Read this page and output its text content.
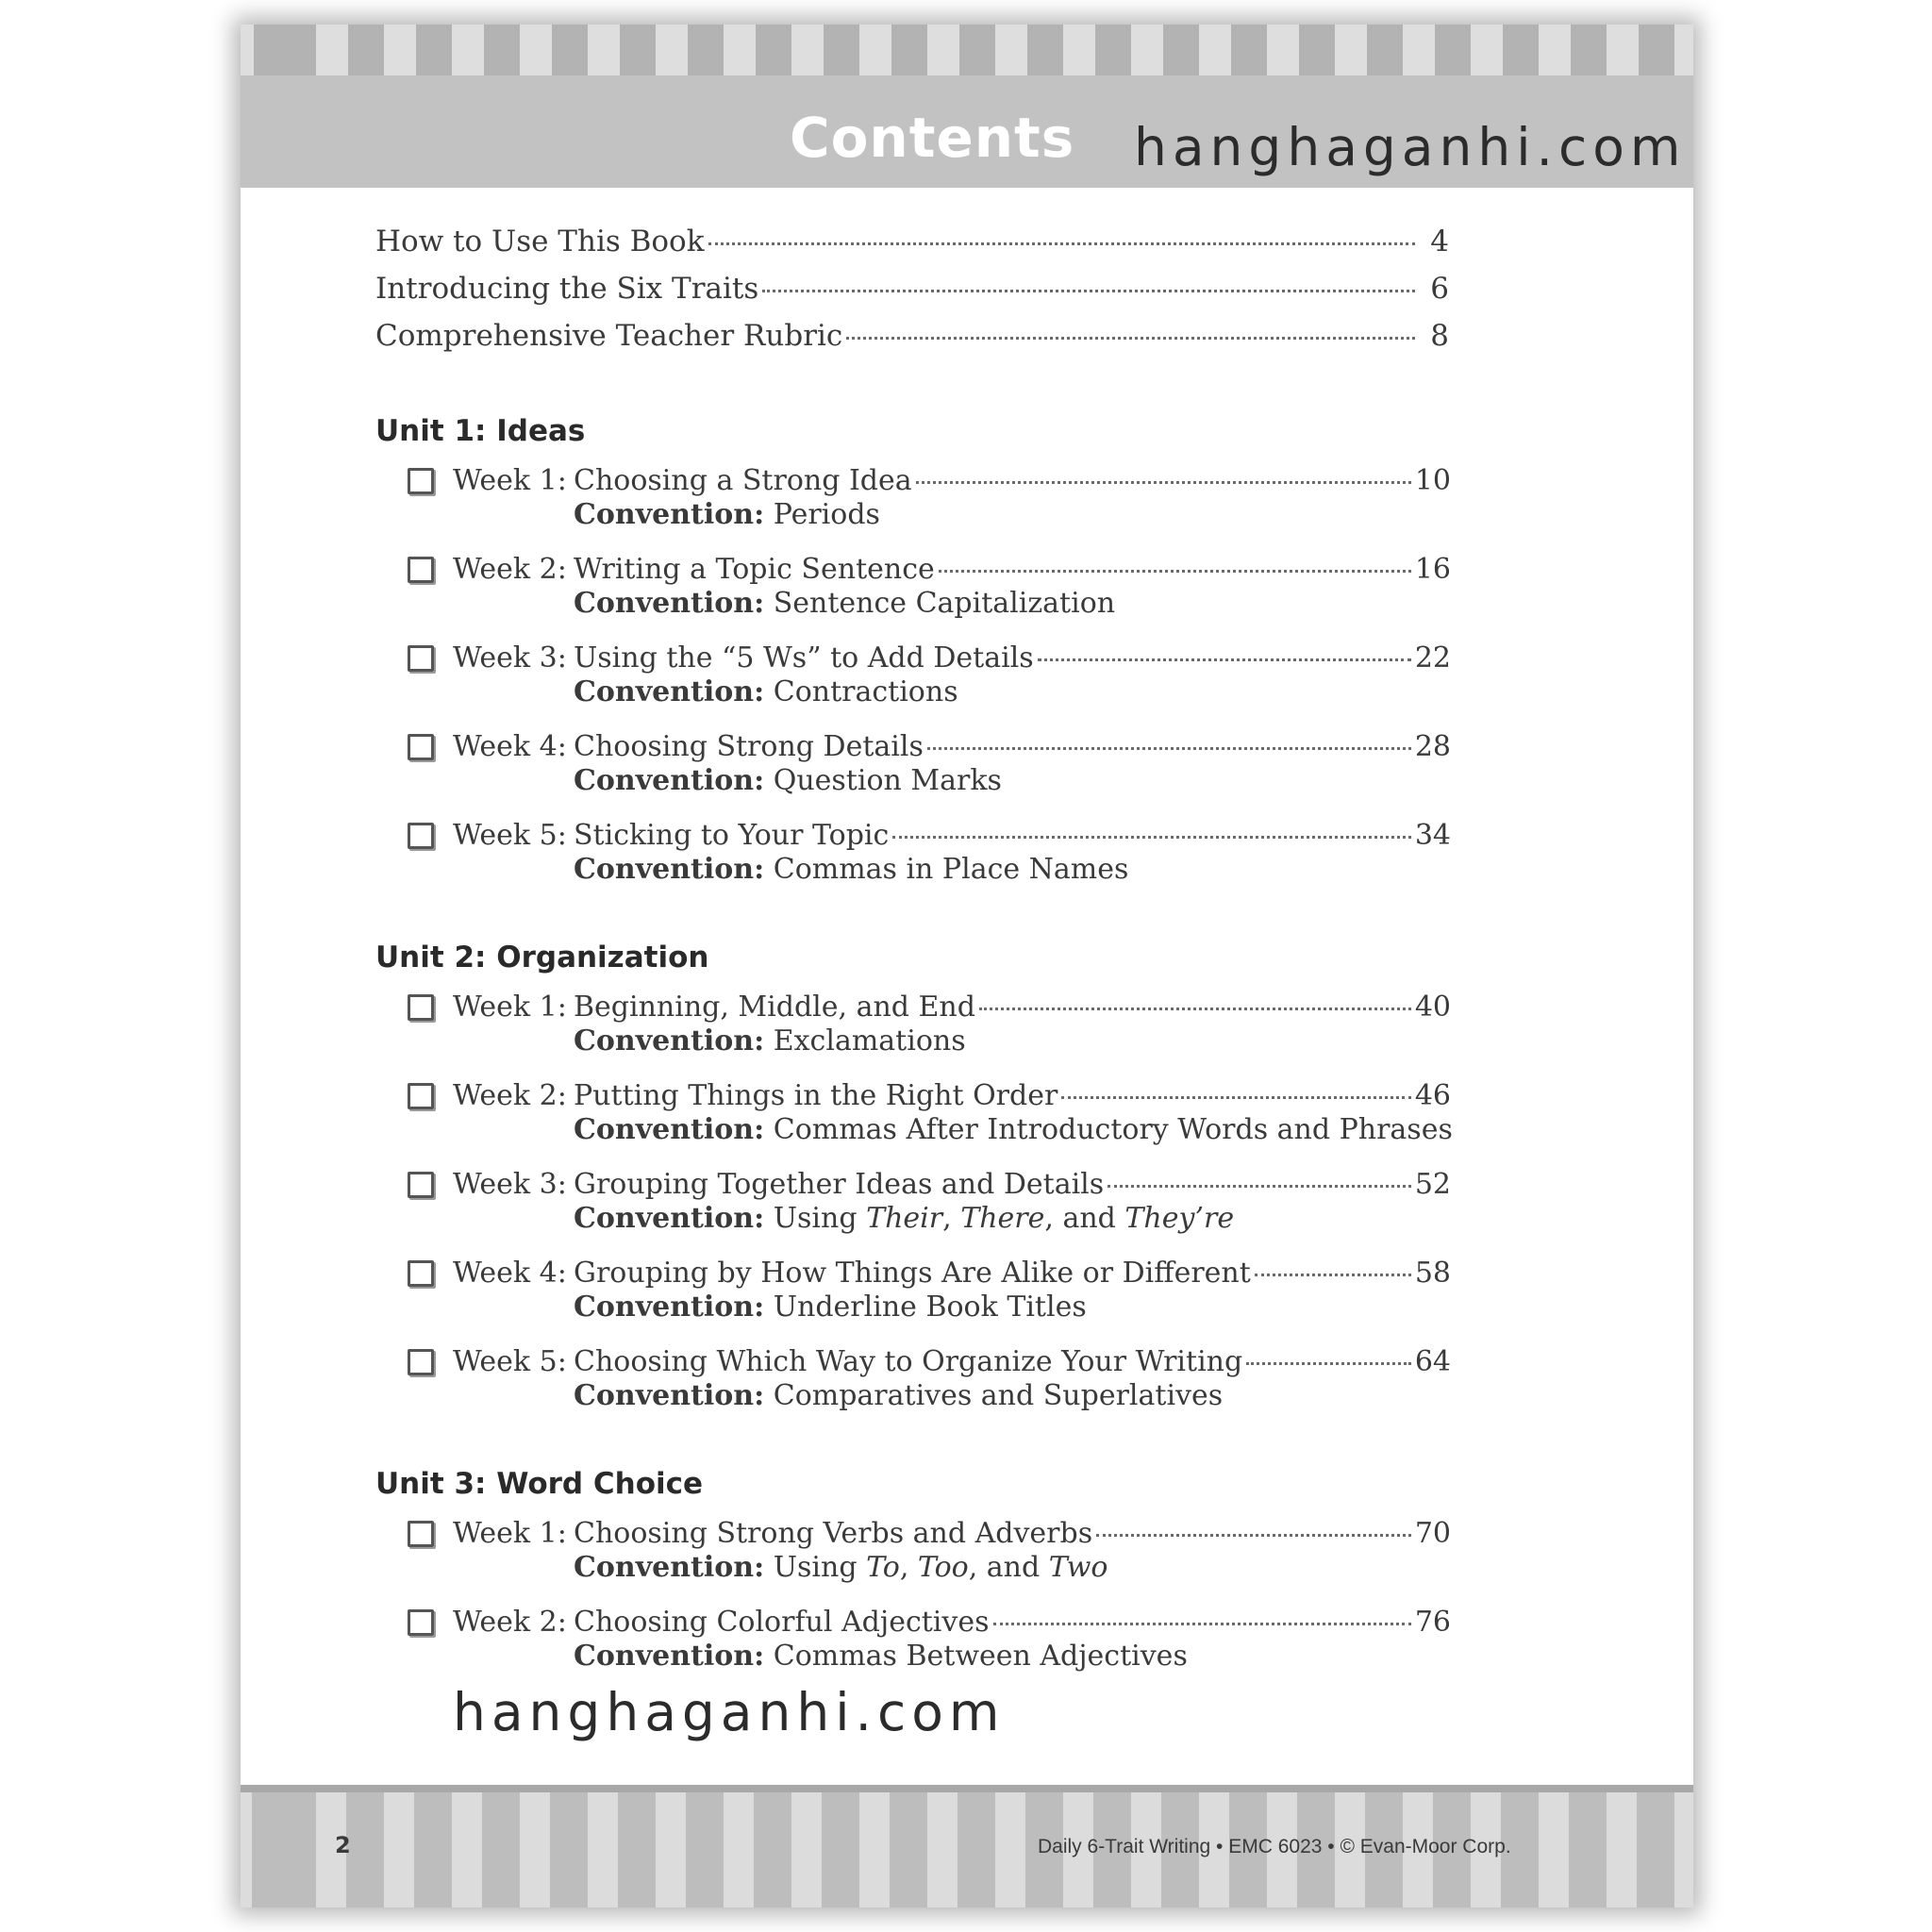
Contents hanghaganhi.com
How to Use This Book	4
Introducing the Six Traits	6
Comprehensive Teacher Rubric	8
Unit 1: Ideas
Week 1: Choosing a Strong Idea	10
Convention: Periods
Week 2: Writing a Topic Sentence	16
Convention: Sentence Capitalization
Week 3: Using the “5 Ws” to Add Details	22
Convention: Contractions
Week 4: Choosing Strong Details	28
Convention: Question Marks
Week 5: Sticking to Your Topic	34
Convention: Commas in Place Names
Unit 2: Organization
Week 1: Beginning, Middle, and End	40
Convention: Exclamations
Week 2: Putting Things in the Right Order	46
Convention: Commas After Introductory Words and Phrases
Week 3: Grouping Together Ideas and Details	52
Convention: Using Their, There, and They’re
Week 4: Grouping by How Things Are Alike or Different	58
Convention: Underline Book Titles
Week 5: Choosing Which Way to Organize Your Writing	64
Convention: Comparatives and Superlatives
Unit 3: Word Choice
Week 1: Choosing Strong Verbs and Adverbs	70
Convention: Using To, Too, and Two
Week 2: Choosing Colorful Adjectives	76
Convention: Commas Between Adjectives
2	Daily 6-Trait Writing • EMC 6023 • © Evan-Moor Corp.
hanghaganhi.com
